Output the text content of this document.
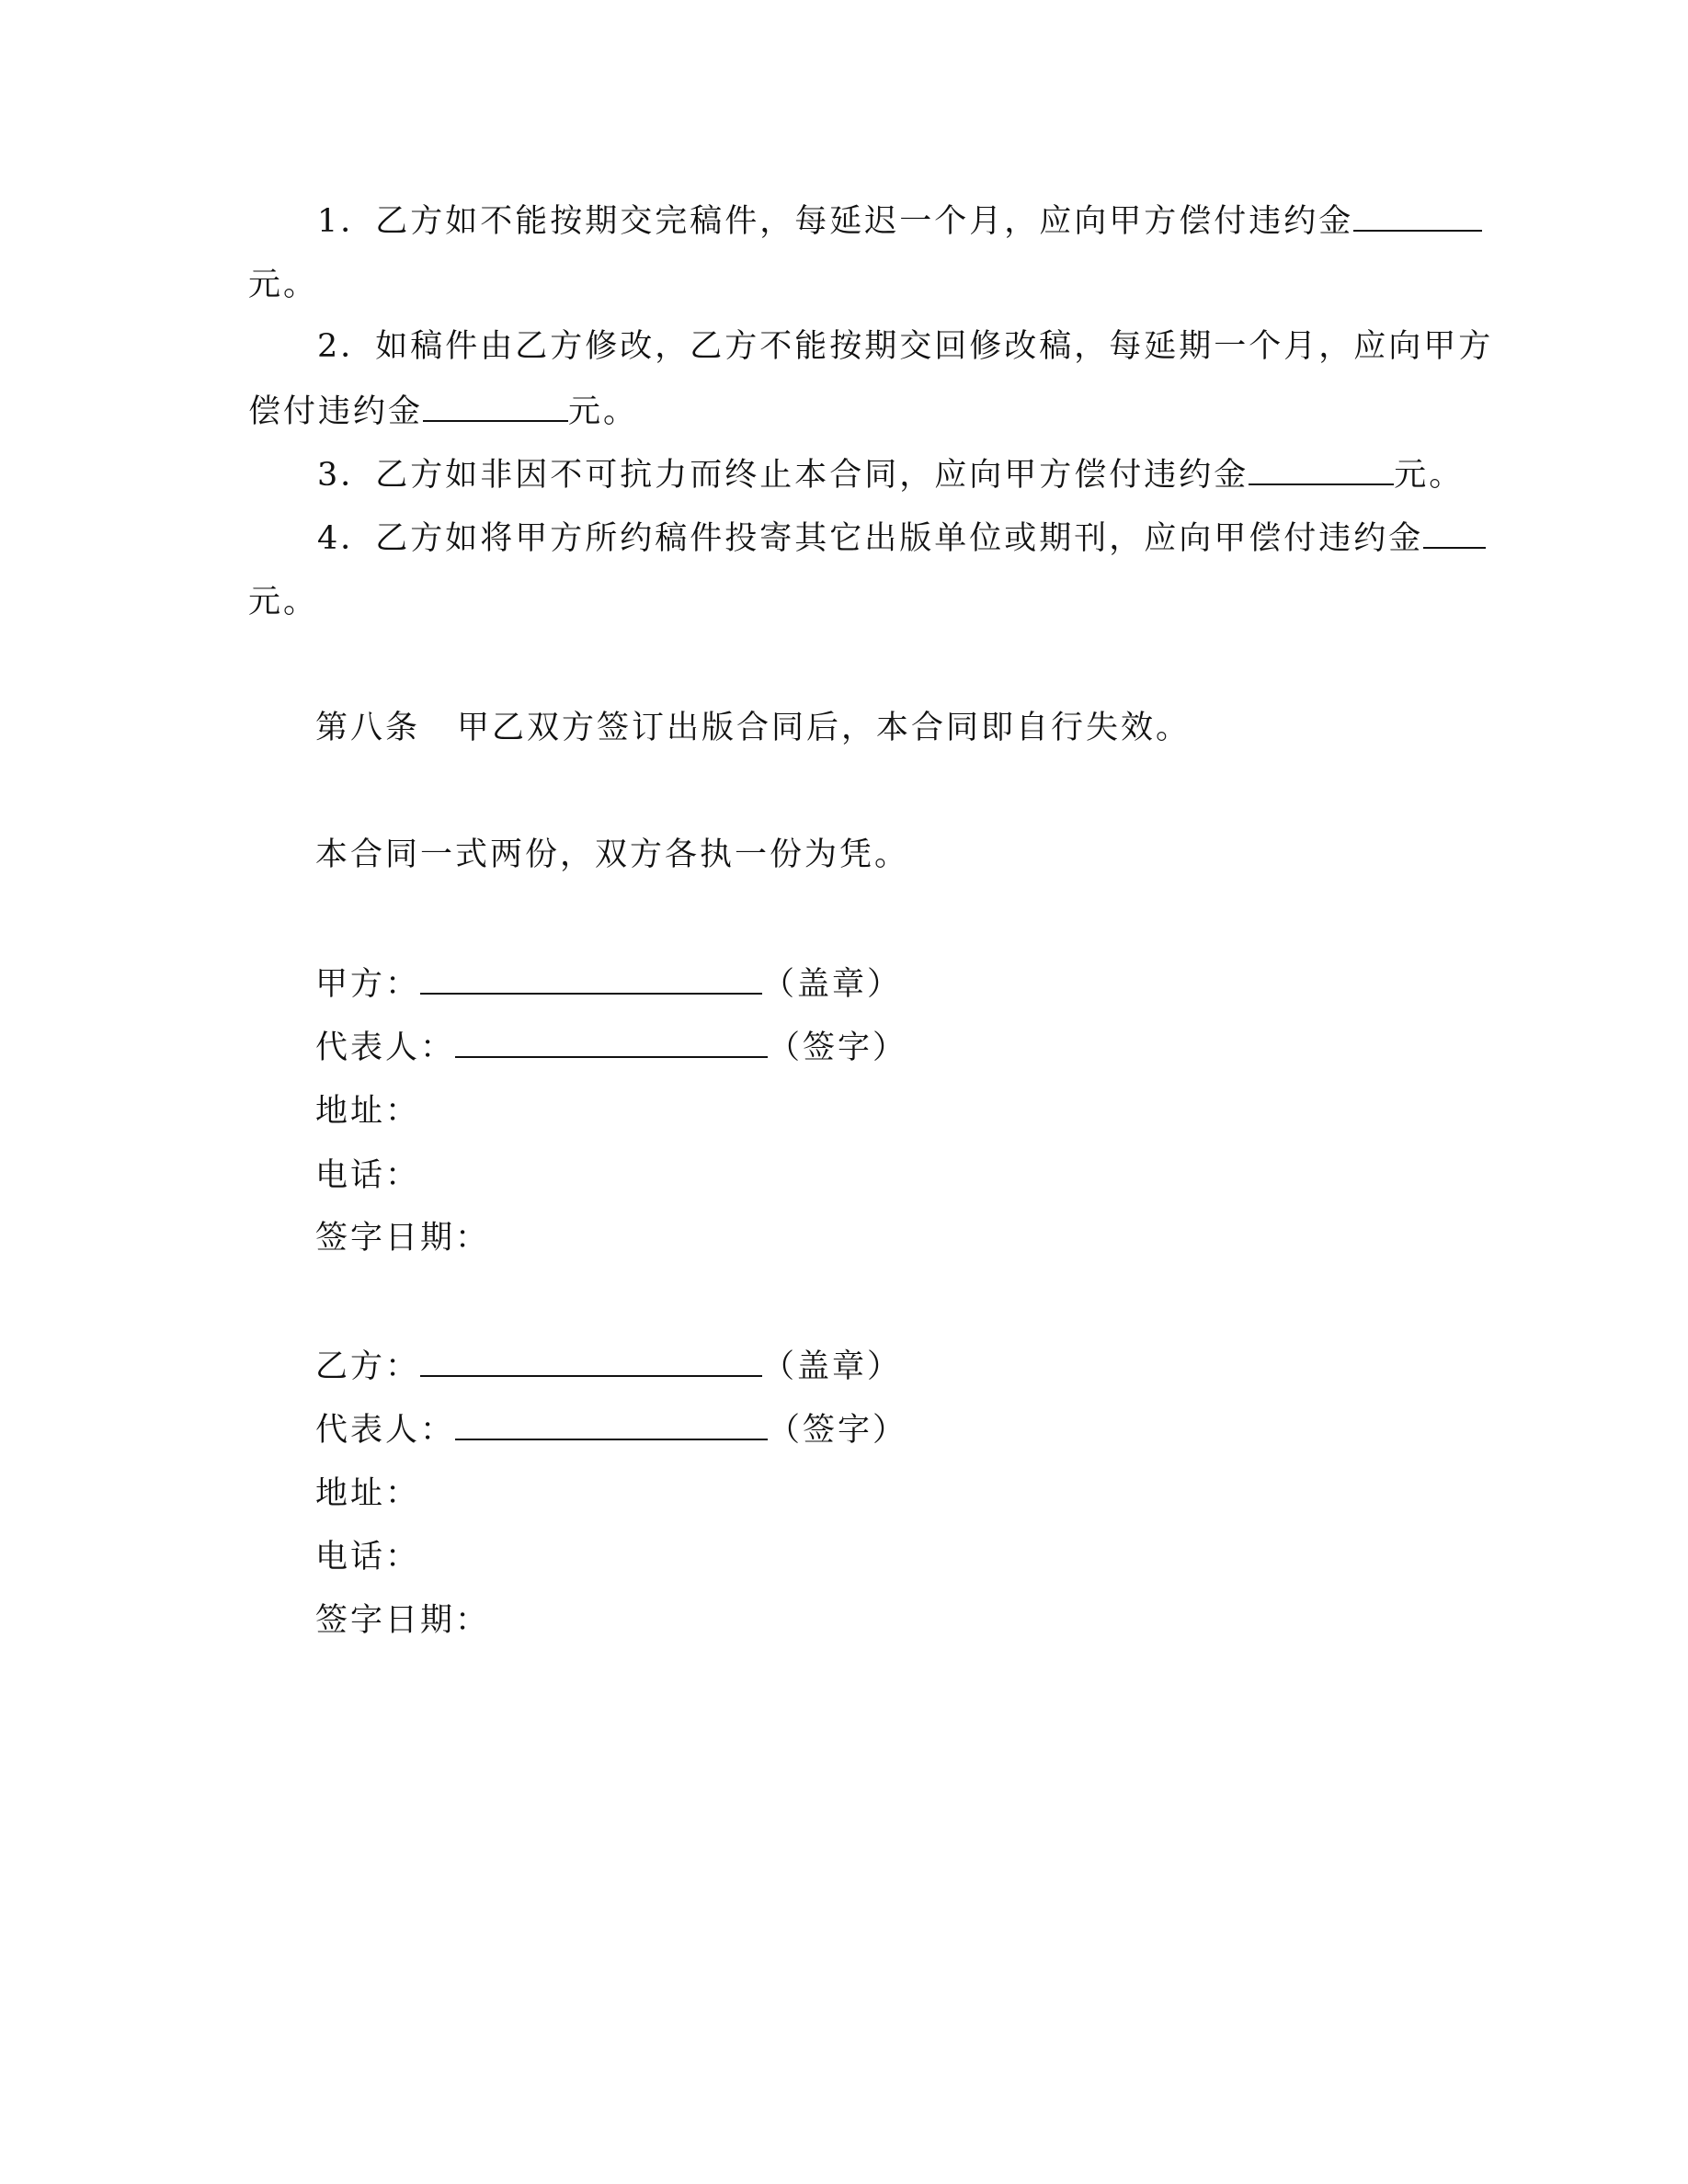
1．乙方如不能按期交完稿件，每延迟一个月，应向甲方偿付违约金
元。
2．如稿件由乙方修改，乙方不能按期交回修改稿，每延期一个月，应向甲方
偿付违约金	元。
3．乙方如非因不可抗力而终止本合同，应向甲方偿付违约金	元。
4．乙方如将甲方所约稿件投寄其它出版单位或期刊，应向甲偿付违约金
元。
第八条 甲乙双方签订出版合同后，本合同即自行失效。
本合同一式两份，双方各执一份为凭。
甲方：	（盖章）
代表人：	（签字）
地址：
电话：
签字日期：
乙方：	（盖章）
代表人：	（签字）
地址：
电话：
签字日期：
